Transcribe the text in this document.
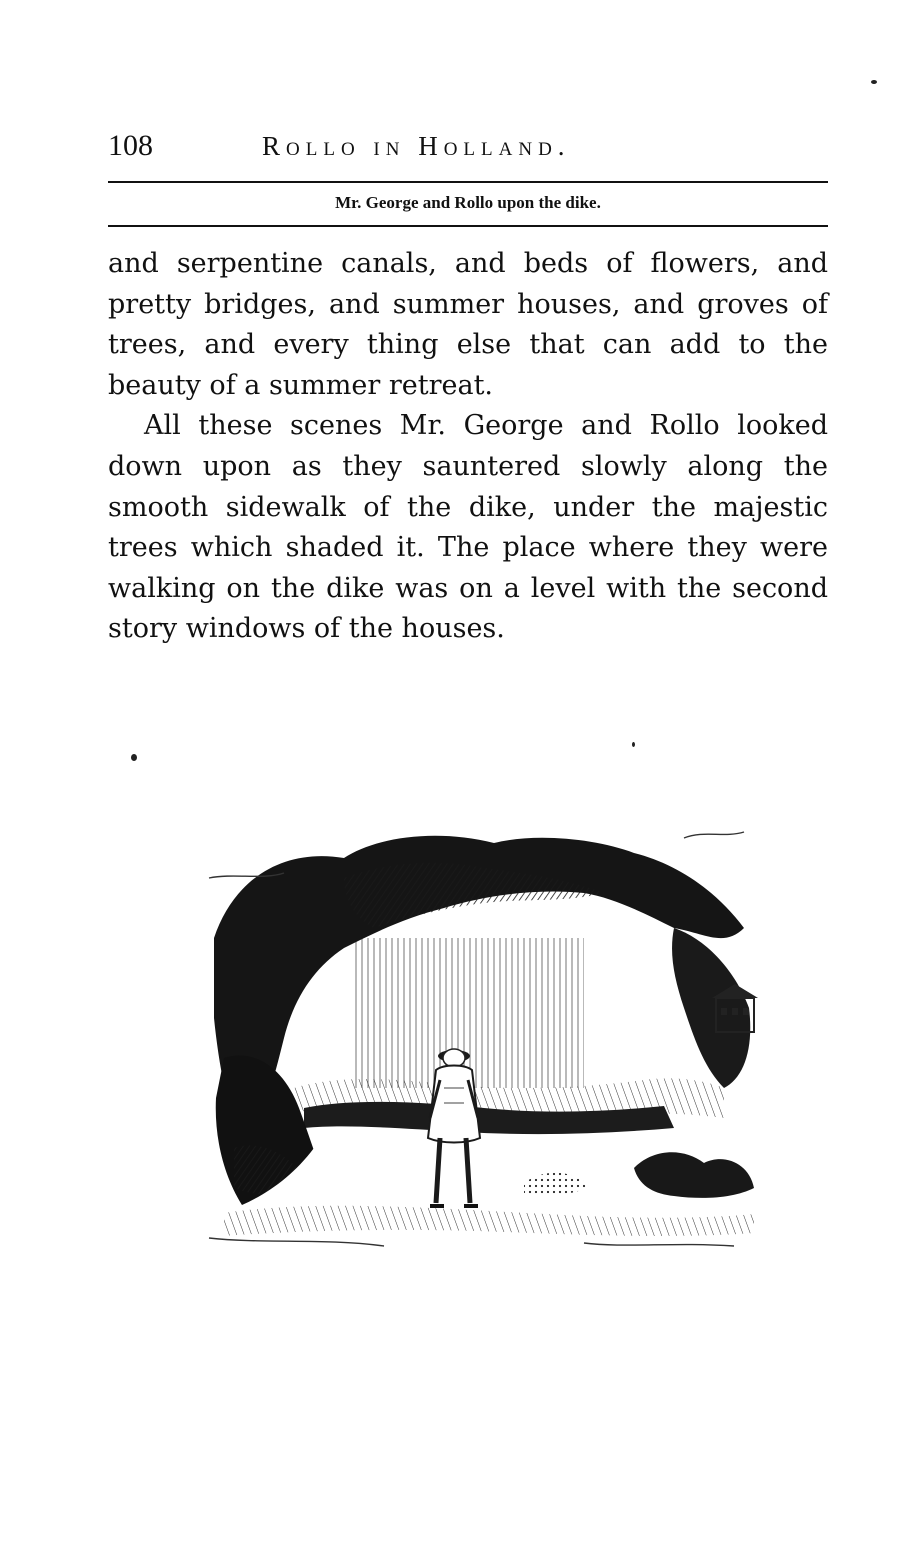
108	Rollo in Holland.
Mr. George and Rollo upon the dike.

and serpentine canals, and beds of flowers, and pretty bridges, and summer houses, and groves of trees, and every thing else that can add to the beauty of a summer retreat.

All these scenes Mr. George and Rollo looked down upon as they sauntered slowly along the smooth sidewalk of the dike, under the majestic trees which shaded it. The place where they were walking on the dike was on a level with the second story windows of the houses.
